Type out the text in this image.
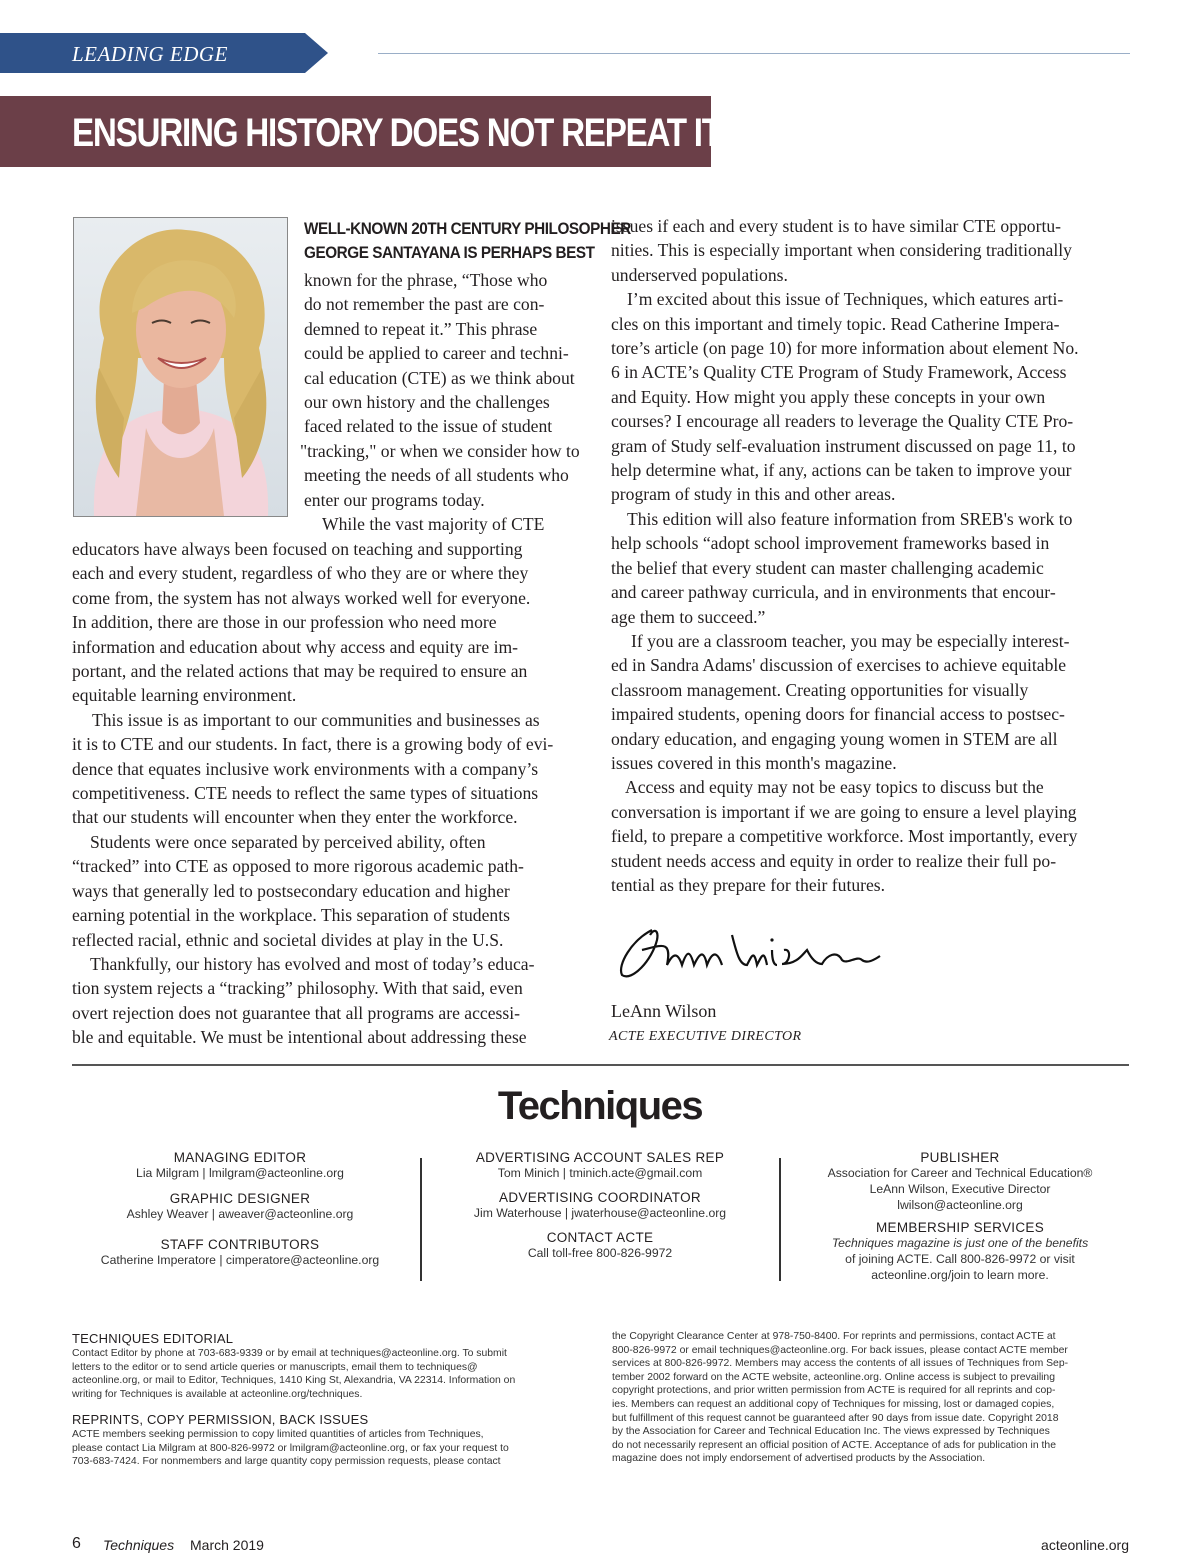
LEADING EDGE
ENSURING HISTORY DOES NOT REPEAT ITSELF
WELL-KNOWN 20TH CENTURY PHILOSOPHER
GEORGE SANTAYANA IS PERHAPS BEST
known for the phrase, “Those who
do not remember the past are con-
demned to repeat it.” This phrase
could be applied to career and techni-
cal education (CTE) as we think about
our own history and the challenges
faced related to the issue of student
"tracking," or when we consider how to
meeting the needs of all students who
enter our programs today.
While the vast majority of CTE
educators have always been focused on teaching and supporting
each and every student, regardless of who they are or where they
come from, the system has not always worked well for everyone.
In addition, there are those in our profession who need more
information and education about why access and equity are im-
portant, and the related actions that may be required to ensure an
equitable learning environment.
This issue is as important to our communities and businesses as
it is to CTE and our students. In fact, there is a growing body of evi-
dence that equates inclusive work environments with a company’s
competitiveness. CTE needs to reflect the same types of situations
that our students will encounter when they enter the workforce.
Students were once separated by perceived ability, often
“tracked” into CTE as opposed to more rigorous academic path-
ways that generally led to postsecondary education and higher
earning potential in the workplace. This separation of students
reflected racial, ethnic and societal divides at play in the U.S.
Thankfully, our history has evolved and most of today’s educa-
tion system rejects a “tracking” philosophy. With that said, even
overt rejection does not guarantee that all programs are accessi-
ble and equitable. We must be intentional about addressing these
issues if each and every student is to have similar CTE opportu-
nities. This is especially important when considering traditionally
underserved populations.
I’m excited about this issue of Techniques, which eatures arti-
cles on this important and timely topic. Read Catherine Impera-
tore’s article (on page 10) for more information about element No.
6 in ACTE’s Quality CTE Program of Study Framework, Access
and Equity. How might you apply these concepts in your own
courses? I encourage all readers to leverage the Quality CTE Pro-
gram of Study self-evaluation instrument discussed on page 11, to
help determine what, if any, actions can be taken to improve your
program of study in this and other areas.
This edition will also feature information from SREB's work to
help schools “adopt school improvement frameworks based in
the belief that every student can master challenging academic
and career pathway curricula, and in environments that encour-
age them to succeed.”
If you are a classroom teacher, you may be especially interest-
ed in Sandra Adams' discussion of exercises to achieve equitable
classroom management. Creating opportunities for visually
impaired students, opening doors for financial access to postsec-
ondary education, and engaging young women in STEM are all
issues covered in this month's magazine.
Access and equity may not be easy topics to discuss but the
conversation is important if we are going to ensure a level playing
field, to prepare a competitive workforce. Most importantly, every
student needs access and equity in order to realize their full po-
tential as they prepare for their futures.
LeAnn Wilson
ACTE EXECUTIVE DIRECTOR
Techniques
MANAGING EDITOR
Lia Milgram | lmilgram@acteonline.org
GRAPHIC DESIGNER
Ashley Weaver | aweaver@acteonline.org
STAFF CONTRIBUTORS
Catherine Imperatore | cimperatore@acteonline.org
ADVERTISING ACCOUNT SALES REP
Tom Minich | tminich.acte@gmail.com
ADVERTISING COORDINATOR
Jim Waterhouse | jwaterhouse@acteonline.org
CONTACT ACTE
Call toll-free 800-826-9972
PUBLISHER
Association for Career and Technical Education®
LeAnn Wilson, Executive Director
lwilson@acteonline.org
MEMBERSHIP SERVICES
Techniques magazine is just one of the benefits
of joining ACTE. Call 800-826-9972 or visit
acteonline.org/join to learn more.
TECHNIQUES EDITORIAL
Contact Editor by phone at 703-683-9339 or by email at techniques@acteonline.org. To submit
letters to the editor or to send article queries or manuscripts, email them to techniques@
acteonline.org, or mail to Editor, Techniques, 1410 King St, Alexandria, VA 22314. Information on
writing for Techniques is available at acteonline.org/techniques.
REPRINTS, COPY PERMISSION, BACK ISSUES
ACTE members seeking permission to copy limited quantities of articles from Techniques,
please contact Lia Milgram at 800-826-9972 or lmilgram@acteonline.org, or fax your request to
703-683-7424. For nonmembers and large quantity copy permission requests, please contact
the Copyright Clearance Center at 978-750-8400. For reprints and permissions, contact ACTE at
800-826-9972 or email techniques@acteonline.org. For back issues, please contact ACTE member
services at 800-826-9972. Members may access the contents of all issues of Techniques from Sep-
tember 2002 forward on the ACTE website, acteonline.org. Online access is subject to prevailing
copyright protections, and prior written permission from ACTE is required for all reprints and cop-
ies. Members can request an additional copy of Techniques for missing, lost or damaged copies,
but fulfillment of this request cannot be guaranteed after 90 days from issue date. Copyright 2018
by the Association for Career and Technical Education Inc. The views expressed by Techniques
do not necessarily represent an official position of ACTE. Acceptance of ads for publication in the
magazine does not imply endorsement of advertised products by the Association.
6 Techniques March 2019	acteonline.org
